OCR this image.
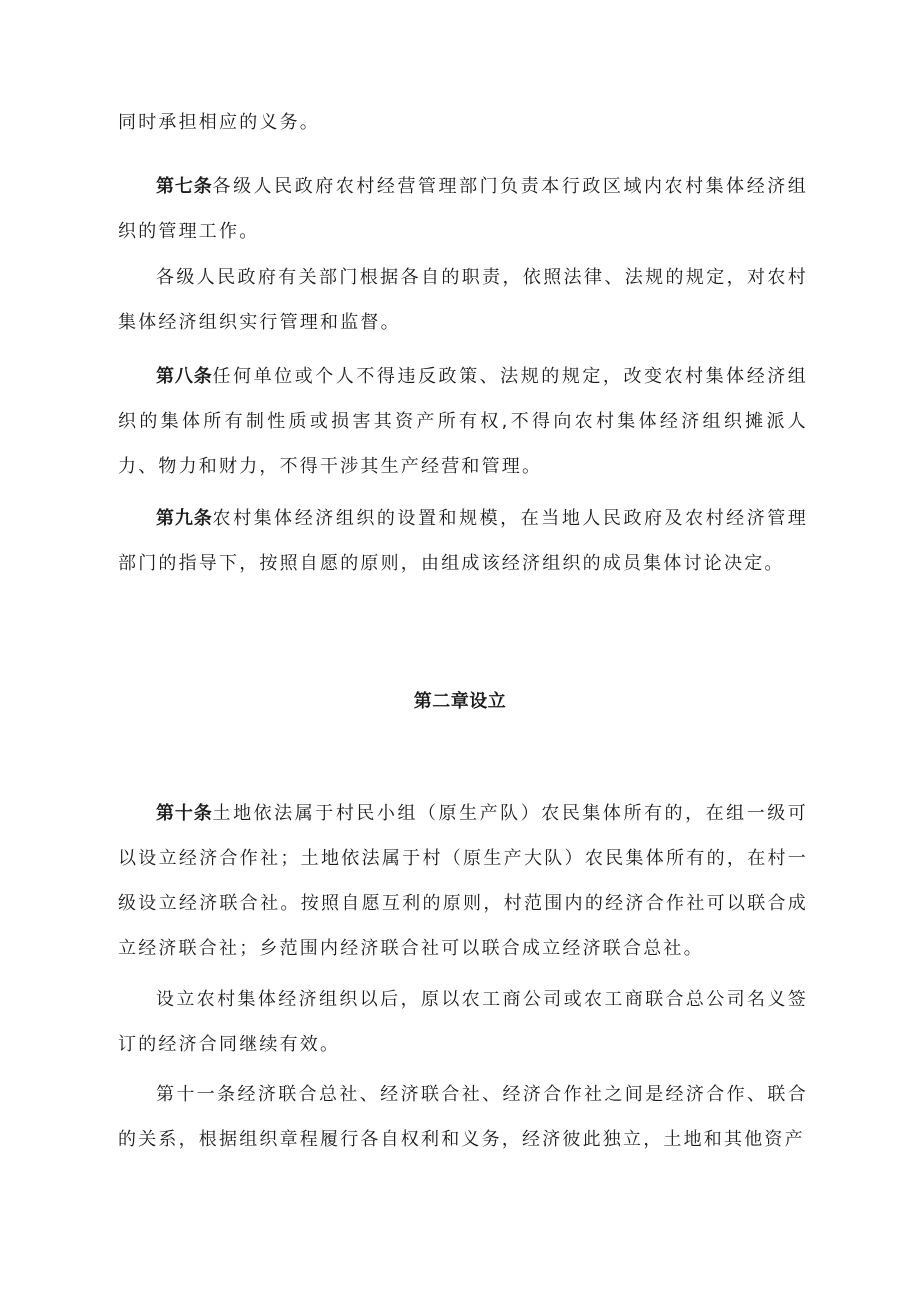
同时承担相应的义务。

第七条各级人民政府农村经营管理部门负责本行政区域内农村集体经济组织的管理工作。

各级人民政府有关部门根据各自的职责，依照法律、法规的规定，对农村集体经济组织实行管理和监督。

第八条任何单位或个人不得违反政策、法规的规定，改变农村集体经济组织的集体所有制性质或损害其资产所有权,不得向农村集体经济组织摊派人力、物力和财力，不得干涉其生产经营和管理。

第九条农村集体经济组织的设置和规模，在当地人民政府及农村经济管理部门的指导下，按照自愿的原则，由组成该经济组织的成员集体讨论决定。

第二章设立

第十条土地依法属于村民小组（原生产队）农民集体所有的，在组一级可以设立经济合作社；土地依法属于村（原生产大队）农民集体所有的，在村一级设立经济联合社。按照自愿互利的原则，村范围内的经济合作社可以联合成立经济联合社；乡范围内经济联合社可以联合成立经济联合总社。

设立农村集体经济组织以后，原以农工商公司或农工商联合总公司名义签订的经济合同继续有效。

第十一条经济联合总社、经济联合社、经济合作社之间是经济合作、联合的关系，根据组织章程履行各自权利和义务，经济彼此独立，土地和其他资产
